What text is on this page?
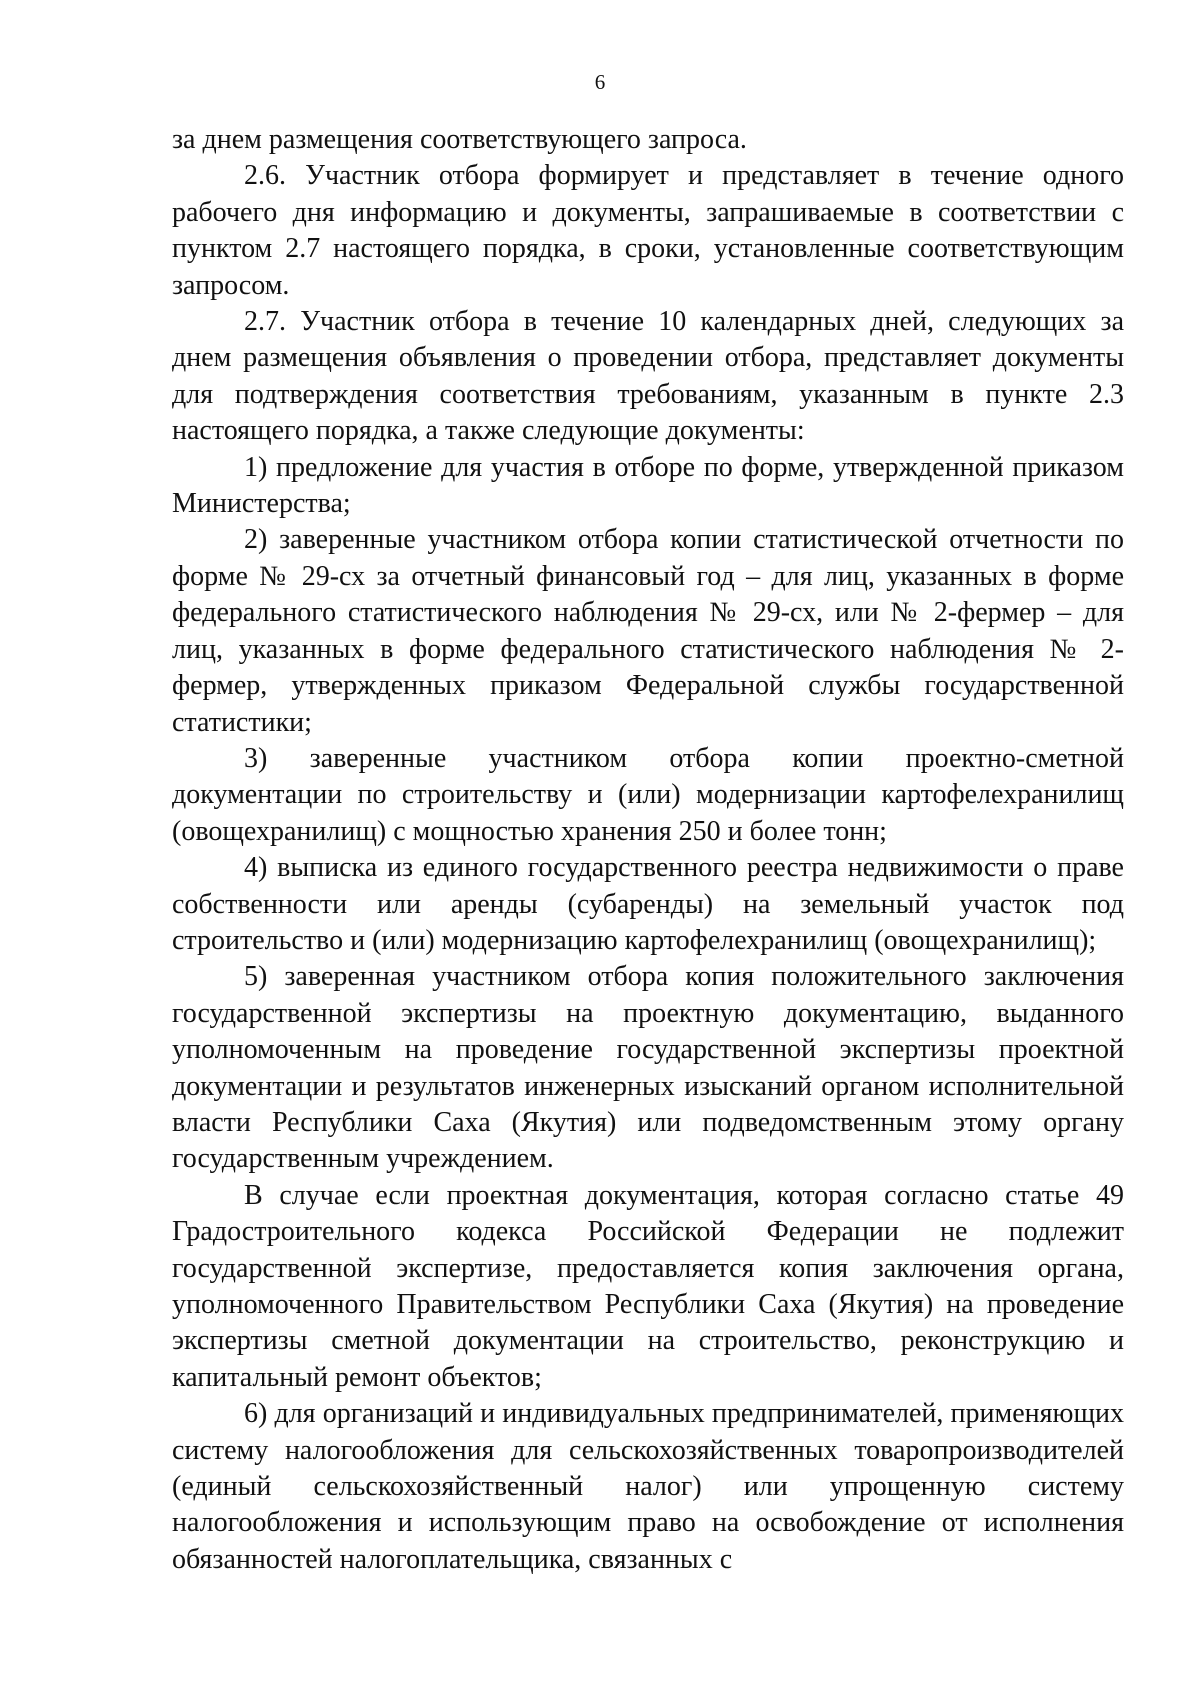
6

за днем размещения соответствующего запроса.

2.6. Участник отбора формирует и представляет в течение одного рабочего дня информацию и документы, запрашиваемые в соответствии с пунктом 2.7 настоящего порядка, в сроки, установленные соответствующим запросом.

2.7. Участник отбора в течение 10 календарных дней, следующих за днем размещения объявления о проведении отбора, представляет документы для подтверждения соответствия требованиям, указанным в пункте 2.3 настоящего порядка, а также следующие документы:

1) предложение для участия в отборе по форме, утвержденной приказом Министерства;

2) заверенные участником отбора копии статистической отчетности по форме № 29-сх за отчетный финансовый год – для лиц, указанных в форме федерального статистического наблюдения № 29-сх, или № 2-фермер – для лиц, указанных в форме федерального статистического наблюдения № 2-фермер, утвержденных приказом Федеральной службы государственной статистики;

3) заверенные участником отбора копии проектно-сметной документации по строительству и (или) модернизации картофелехранилищ (овощехранилищ) с мощностью хранения 250 и более тонн;

4) выписка из единого государственного реестра недвижимости о праве собственности или аренды (субаренды) на земельный участок под строительство и (или) модернизацию картофелехранилищ (овощехранилищ);

5) заверенная участником отбора копия положительного заключения государственной экспертизы на проектную документацию, выданного уполномоченным на проведение государственной экспертизы проектной документации и результатов инженерных изысканий органом исполнительной власти Республики Саха (Якутия) или подведомственным этому органу государственным учреждением.

В случае если проектная документация, которая согласно статье 49 Градостроительного кодекса Российской Федерации не подлежит государственной экспертизе, предоставляется копия заключения органа, уполномоченного Правительством Республики Саха (Якутия) на проведение экспертизы сметной документации на строительство, реконструкцию и капитальный ремонт объектов;

6) для организаций и индивидуальных предпринимателей, применяющих систему налогообложения для сельскохозяйственных товаропроизводителей (единый сельскохозяйственный налог) или упрощенную систему налогообложения и использующим право на освобождение от исполнения обязанностей налогоплательщика, связанных с
